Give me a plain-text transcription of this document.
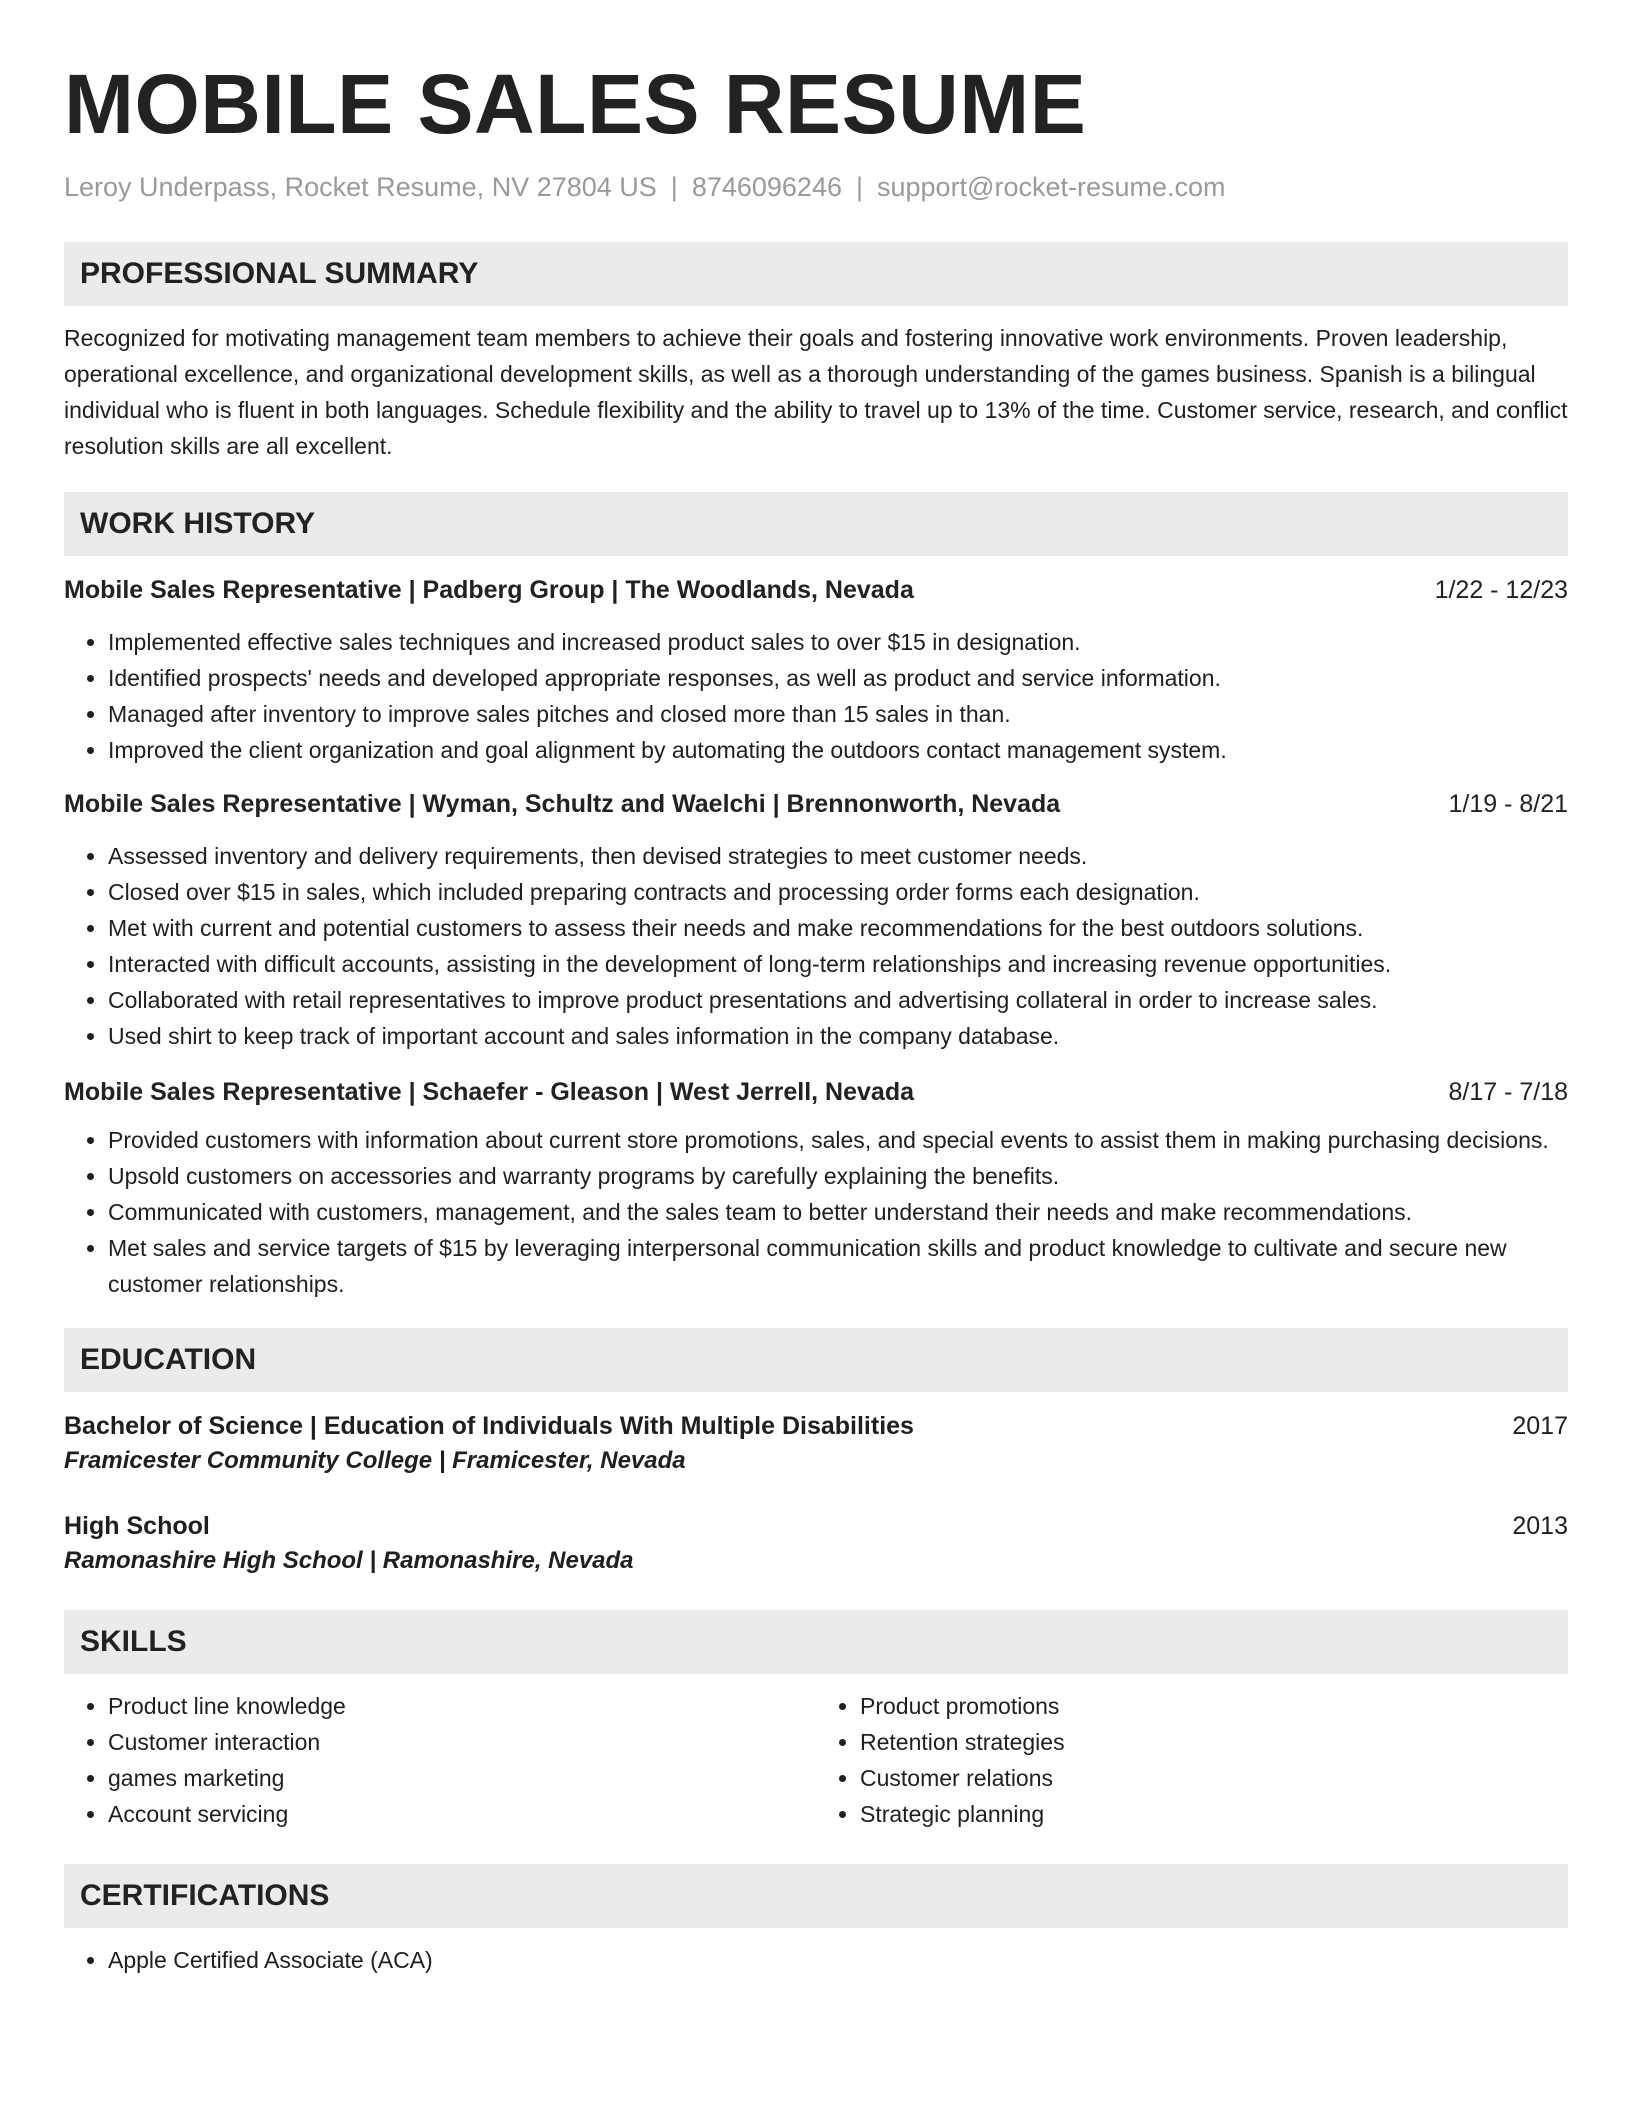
MOBILE SALES RESUME
Leroy Underpass, Rocket Resume, NV 27804 US | 8746096246 | support@rocket-resume.com
PROFESSIONAL SUMMARY

Recognized for motivating management team members to achieve their goals and fostering innovative work environments. Proven leadership, operational excellence, and organizational development skills, as well as a thorough understanding of the games business. Spanish is a bilingual individual who is fluent in both languages. Schedule flexibility and the ability to travel up to 13% of the time. Customer service, research, and conflict resolution skills are all excellent.

WORK HISTORY
Mobile Sales Representative | Padberg Group | The Woodlands, Nevada	1/22 - 12/23
• Implemented effective sales techniques and increased product sales to over $15 in designation.
• Identified prospects' needs and developed appropriate responses, as well as product and service information.
• Managed after inventory to improve sales pitches and closed more than 15 sales in than.
• Improved the client organization and goal alignment by automating the outdoors contact management system.
Mobile Sales Representative | Wyman, Schultz and Waelchi | Brennonworth, Nevada	1/19 - 8/21
• Assessed inventory and delivery requirements, then devised strategies to meet customer needs.
• Closed over $15 in sales, which included preparing contracts and processing order forms each designation.
• Met with current and potential customers to assess their needs and make recommendations for the best outdoors solutions.
• Interacted with difficult accounts, assisting in the development of long-term relationships and increasing revenue opportunities.
• Collaborated with retail representatives to improve product presentations and advertising collateral in order to increase sales.
• Used shirt to keep track of important account and sales information in the company database.
Mobile Sales Representative | Schaefer - Gleason | West Jerrell, Nevada	8/17 - 7/18
• Provided customers with information about current store promotions, sales, and special events to assist them in making purchasing decisions.
• Upsold customers on accessories and warranty programs by carefully explaining the benefits.
• Communicated with customers, management, and the sales team to better understand their needs and make recommendations.
• Met sales and service targets of $15 by leveraging interpersonal communication skills and product knowledge to cultivate and secure new customer relationships.
EDUCATION
Bachelor of Science | Education of Individuals With Multiple Disabilities	2017
Framicester Community College | Framicester, Nevada
High School	2013
Ramonashire High School | Ramonashire, Nevada
SKILLS
• Product line knowledge
• Customer interaction
• games marketing
• Account servicing
• Product promotions
• Retention strategies
• Customer relations
• Strategic planning
CERTIFICATIONS
• Apple Certified Associate (ACA)
